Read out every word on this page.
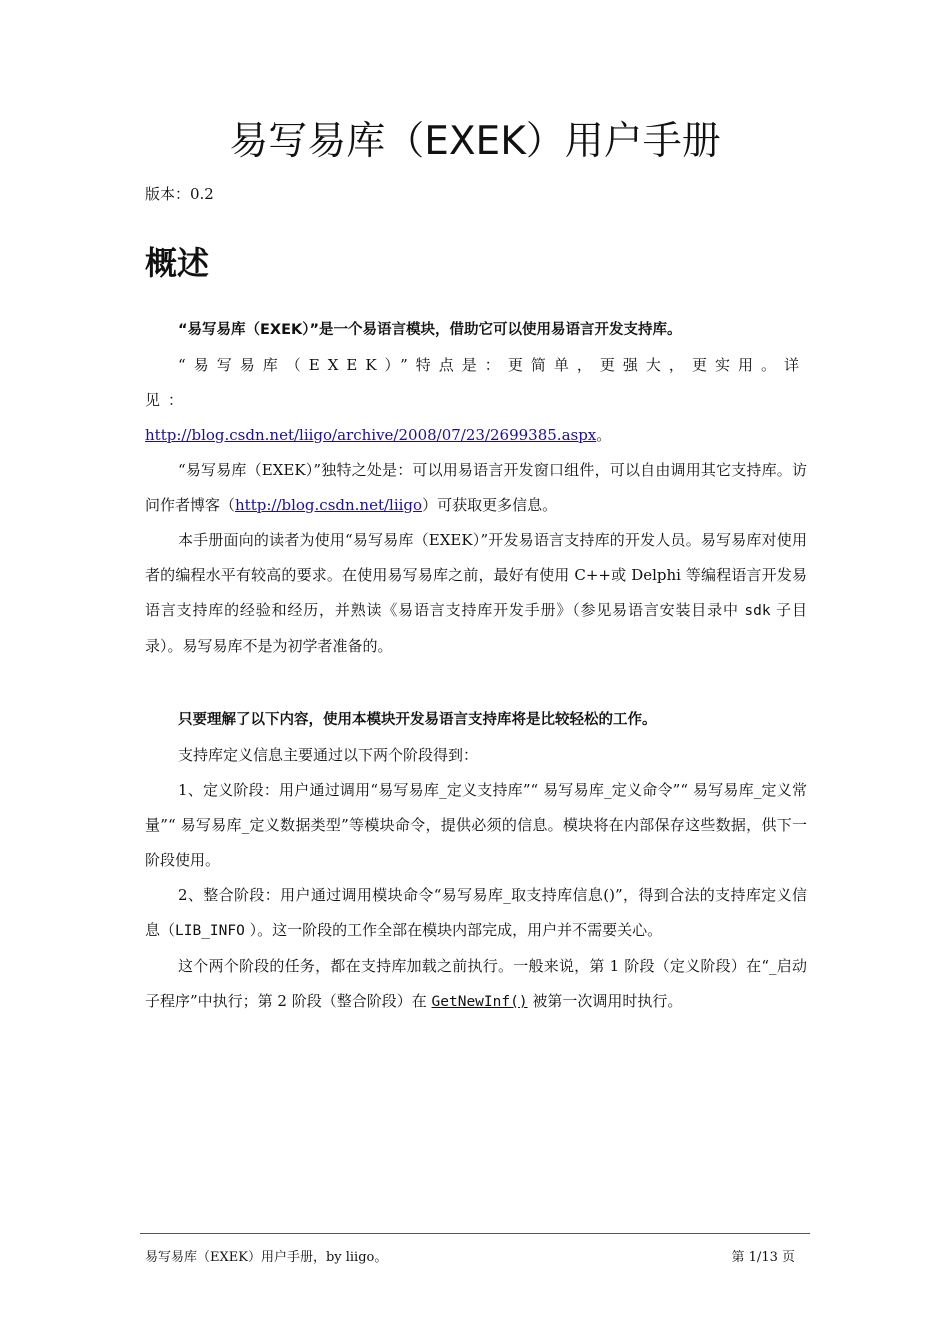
易写易库（EXEK）用户手册
版本：0.2
概述

“易写易库（EXEK）”是一个易语言模块，借助它可以使用易语言开发支持库。

“易写易库（EXEK）”特点是：更简单，更强大，更实用。详见：

http://blog.csdn.net/liigo/archive/2008/07/23/2699385.aspx。

“易写易库（EXEK）”独特之处是：可以用易语言开发窗口组件，可以自由调用其它支持库。访问作者博客（http://blog.csdn.net/liigo）可获取更多信息。

本手册面向的读者为使用“易写易库（EXEK）”开发易语言支持库的开发人员。易写易库对使用者的编程水平有较高的要求。在使用易写易库之前，最好有使用 C++或 Delphi 等编程语言开发易语言支持库的经验和经历，并熟读《易语言支持库开发手册》（参见易语言安装目录中 sdk 子目录）。易写易库不是为初学者准备的。

只要理解了以下内容，使用本模块开发易语言支持库将是比较轻松的工作。

支持库定义信息主要通过以下两个阶段得到：

1、定义阶段：用户通过调用“易写易库_定义支持库”“ 易写易库_定义命令”“ 易写易库_定义常量”“ 易写易库_定义数据类型”等模块命令，提供必须的信息。模块将在内部保存这些数据，供下一阶段使用。

2、整合阶段：用户通过调用模块命令“易写易库_取支持库信息()”，得到合法的支持库定义信息（LIB_INFO ）。这一阶段的工作全部在模块内部完成，用户并不需要关心。

这个两个阶段的任务，都在支持库加载之前执行。一般来说，第 1 阶段（定义阶段）在“_启动子程序”中执行；第 2 阶段（整合阶段）在 GetNewInf() 被第一次调用时执行。

易写易库（EXEK）用户手册，by liigo。	第 1/13 页
